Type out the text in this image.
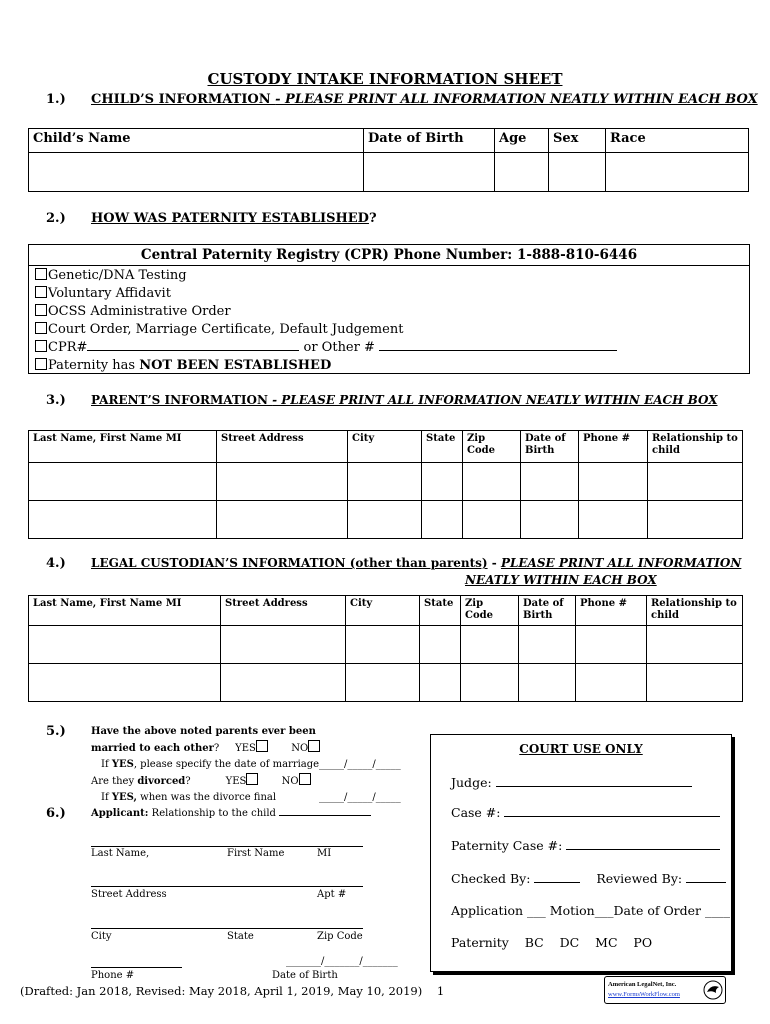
CUSTODY INTAKE INFORMATION SHEET
1.) CHILD’S INFORMATION - PLEASE PRINT ALL INFORMATION NEATLY WITHIN EACH BOX
Child’s Name	Date of Birth	Age	Sex	Race

2.) HOW WAS PATERNITY ESTABLISHED?
Central Paternity Registry (CPR) Phone Number: 1-888-810-6446
Genetic/DNA Testing
Voluntary Affidavit
OCSS Administrative Order
Court Order, Marriage Certificate, Default Judgement
CPR#	or Other #
Paternity has NOT BEEN ESTABLISHED
3.) PARENT’S INFORMATION - PLEASE PRINT ALL INFORMATION NEATLY WITHIN EACH BOX
Last Name, First Name MI	Street Address	City	State	Zip Code	Date of Birth	Phone #	Relationship to child

4.) LEGAL CUSTODIAN’S INFORMATION (other than parents) - PLEASE PRINT ALL INFORMATION
NEATLY WITHIN EACH BOX
Last Name, First Name MI	Street Address	City	State	Zip Code	Date of Birth	Phone #	Relationship to child

5.)	Have the above noted parents ever been
married to each other?     YES	NO
If YES, please specify the date of marriage _____/_____/_____
Are they divorced?	YES	NO
If YES, when was the divorce final	_____/_____/_____
6.)	Applicant: Relationship to the child
Last Name,	First Name	MI
Street Address	Apt #
City	State	Zip Code
_______/_______/_______
Phone #	Date of Birth
COURT USE ONLY
Judge:
Case #:
Paternity Case #:
Checked By:	Reviewed By:
Application ___ Motion___Date of Order ____
Paternity BC DC MC PO
(Drafted: Jan 2018, Revised: May 2018, April 1, 2019, May 10, 2019) 1	American LegalNet, Inc.
www.FormsWorkFlow.com
